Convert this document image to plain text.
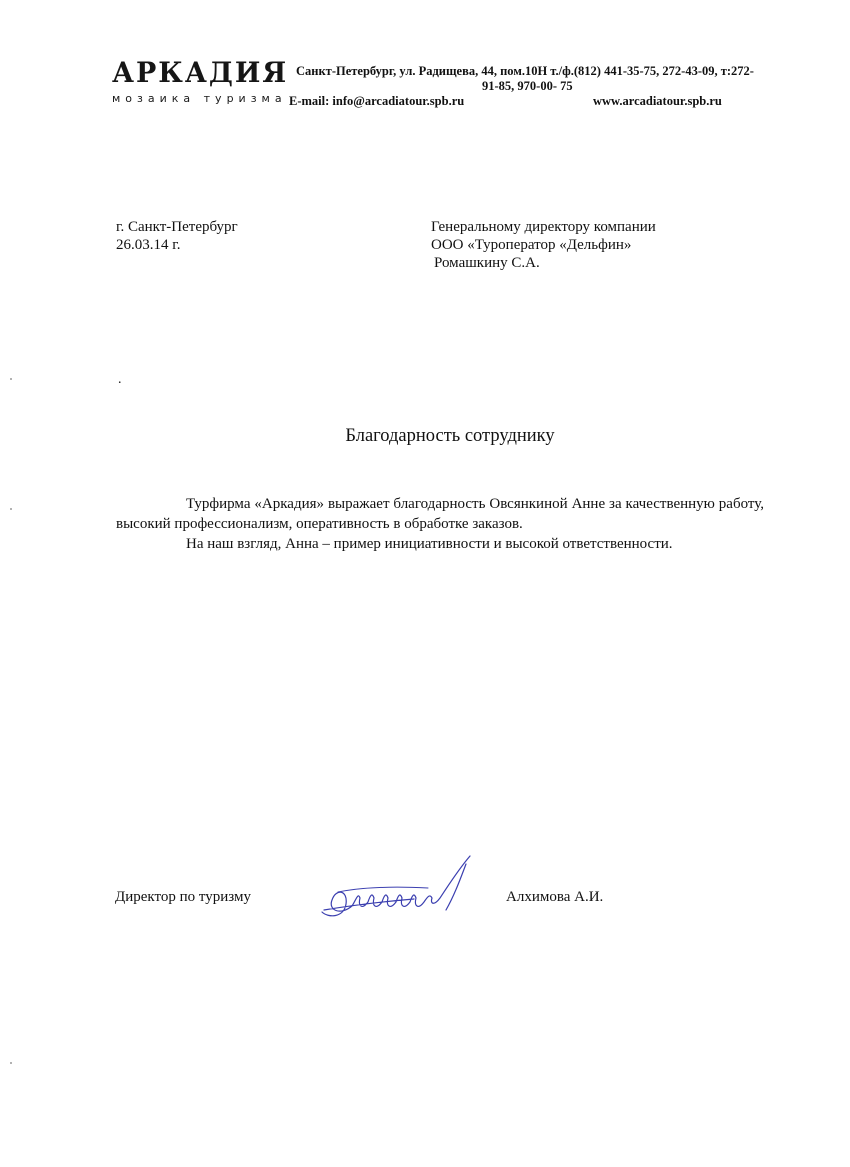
АРКАДИЯ
мозаика туризма
Санкт-Петербург, ул. Радищева, 44, пом.10Н т./ф.(812) 441-35-75, 272-43-09, т:272-
91-85, 970-00- 75
E-mail: info@arcadiatour.spb.ru	www.arcadiatour.spb.ru
г. Санкт-Петербург
26.03.14 г.
Генеральному директору компании
ООО «Туроператор «Дельфин»
Ромашкину С.А.
.
Благодарность сотруднику

Турфирма «Аркадия» выражает благодарность Овсянкиной Анне за качественную работу, высокий профессионализм, оперативность в обработке заказов.

На наш взгляд, Анна – пример инициативности и высокой ответственности.

Директор по туризму	Алхимова А.И.
